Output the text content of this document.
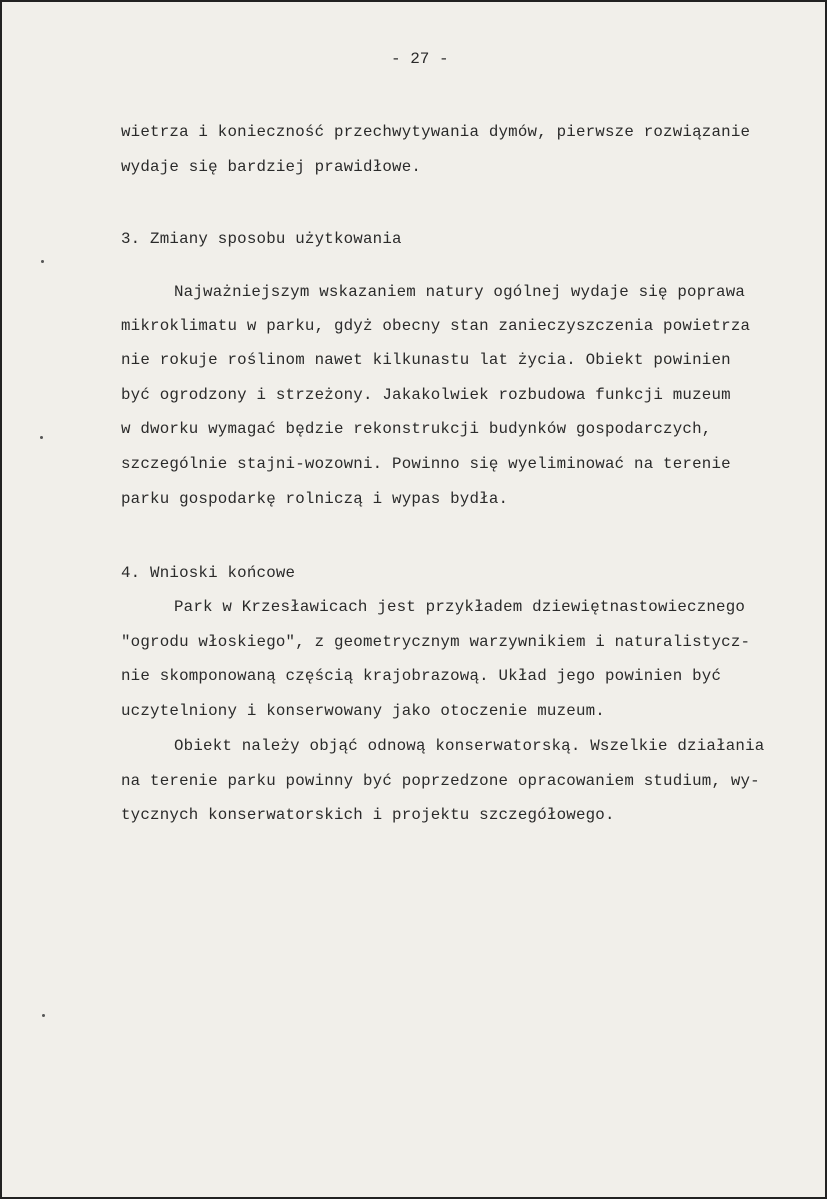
- 27 -
wietrza i konieczność przechwytywania dymów, pierwsze rozwiązanie
wydaje się bardziej prawidłowe.
3. Zmiany sposobu użytkowania
Najważniejszym wskazaniem natury ogólnej wydaje się poprawa
mikroklimatu w parku, gdyż obecny stan zanieczyszczenia powietrza
nie rokuje roślinom nawet kilkunastu lat życia. Obiekt powinien
być ogrodzony i strzeżony. Jakakolwiek rozbudowa funkcji muzeum
w dworku wymagać będzie rekonstrukcji budynków gospodarczych,
szczególnie stajni-wozowni. Powinno się wyeliminować na terenie
parku gospodarkę rolniczą i wypas bydła.
4. Wnioski końcowe
Park w Krzesławicach jest przykładem dziewiętnastowiecznego
"ogrodu włoskiego", z geometrycznym warzywnikiem i naturalistycz-
nie skomponowaną częścią krajobrazową. Układ jego powinien być
uczytelniony i konserwowany jako otoczenie muzeum.
Obiekt należy objąć odnową konserwatorską. Wszelkie działania
na terenie parku powinny być poprzedzone opracowaniem studium, wy-
tycznych konserwatorskich i projektu szczegółowego.
